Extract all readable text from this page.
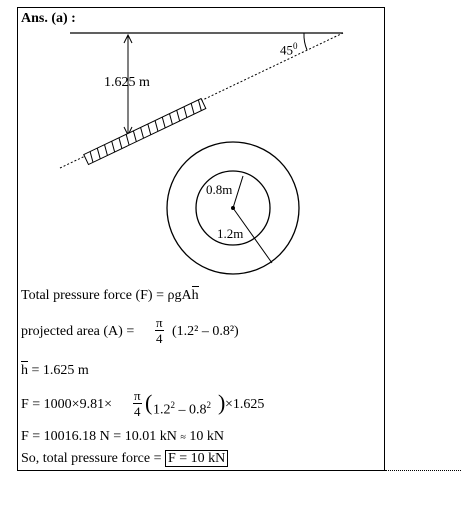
Ans. (a) :
1.625 m
$45^0$
0.8m
1.2m
Total pressure force (F) = ρgA
h
projected area $(A) = \frac{\pi}{4} (1.2^2 - 0.8^2)$
h = 1.625 m
$F = 1000\times 9.81\times \frac{\pi}{4}$ ( $1.2^2 - 0.8^2$ ) ×1.625
F = 10016.18 N = 10.01 kN ≈ 10 kN
So, total pressure force = F = 10 kN
